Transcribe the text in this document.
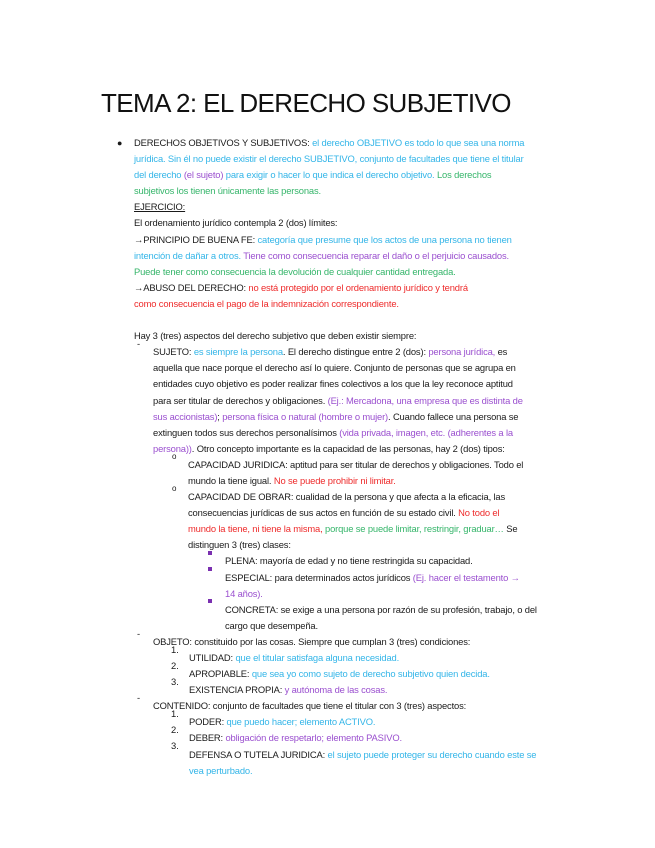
TEMA 2: EL DERECHO SUBJETIVO
●
-
o
o
-
1.
2.
3.
-
1.
2.
3.
DERECHOS OBJETIVOS Y SUBJETIVOS: el derecho OBJETIVO es todo lo que sea una norma
jurídica. Sin él no puede existir el derecho SUBJETIVO, conjunto de facultades que tiene el titular
del derecho (el sujeto) para exigir o hacer lo que indica el derecho objetivo. Los derechos
subjetivos los tienen únicamente las personas.
EJERCICIO:
El ordenamiento jurídico contempla 2 (dos) límites:
→PRINCIPIO DE BUENA FE: categoría que presume que los actos de una persona no tienen
intención de dañar a otros. Tiene como consecuencia reparar el daño o el perjuicio causados.
Puede tener como consecuencia la devolución de cualquier cantidad entregada.
→ABUSO DEL DERECHO: no está protegido por el ordenamiento jurídico y tendrá
como consecuencia el pago de la indemnización correspondiente.
Hay 3 (tres) aspectos del derecho subjetivo que deben existir siempre:
SUJETO: es siempre la persona. El derecho distingue entre 2 (dos): persona jurídica, es
aquella que nace porque el derecho así lo quiere. Conjunto de personas que se agrupa en
entidades cuyo objetivo es poder realizar fines colectivos a los que la ley reconoce aptitud
para ser titular de derechos y obligaciones. (Ej.: Mercadona, una empresa que es distinta de
sus accionistas); persona física o natural (hombre o mujer). Cuando fallece una persona se
extinguen todos sus derechos personalísimos (vida privada, imagen, etc. (adherentes a la
persona)). Otro concepto importante es la capacidad de las personas, hay 2 (dos) tipos:
CAPACIDAD JURIDICA: aptitud para ser titular de derechos y obligaciones. Todo el
mundo la tiene igual. No se puede prohibir ni limitar.
CAPACIDAD DE OBRAR: cualidad de la persona y que afecta a la eficacia, las
consecuencias jurídicas de sus actos en función de su estado civil. No todo el
mundo la tiene, ni tiene la misma, porque se puede limitar, restringir, graduar… Se
distinguen 3 (tres) clases:
PLENA: mayoría de edad y no tiene restringida su capacidad.
ESPECIAL: para determinados actos jurídicos (Ej. hacer el testamento →
14 años).
CONCRETA: se exige a una persona por razón de su profesión, trabajo, o del
cargo que desempeña.
OBJETO: constituido por las cosas. Siempre que cumplan 3 (tres) condiciones:
UTILIDAD: que el titular satisfaga alguna necesidad.
APROPIABLE: que sea yo como sujeto de derecho subjetivo quien decida.
EXISTENCIA PROPIA: y autónoma de las cosas.
CONTENIDO: conjunto de facultades que tiene el titular con 3 (tres) aspectos:
PODER: que puedo hacer; elemento ACTIVO.
DEBER: obligación de respetarlo; elemento PASIVO.
DEFENSA O TUTELA JURIDICA: el sujeto puede proteger su derecho cuando este se
vea perturbado.
